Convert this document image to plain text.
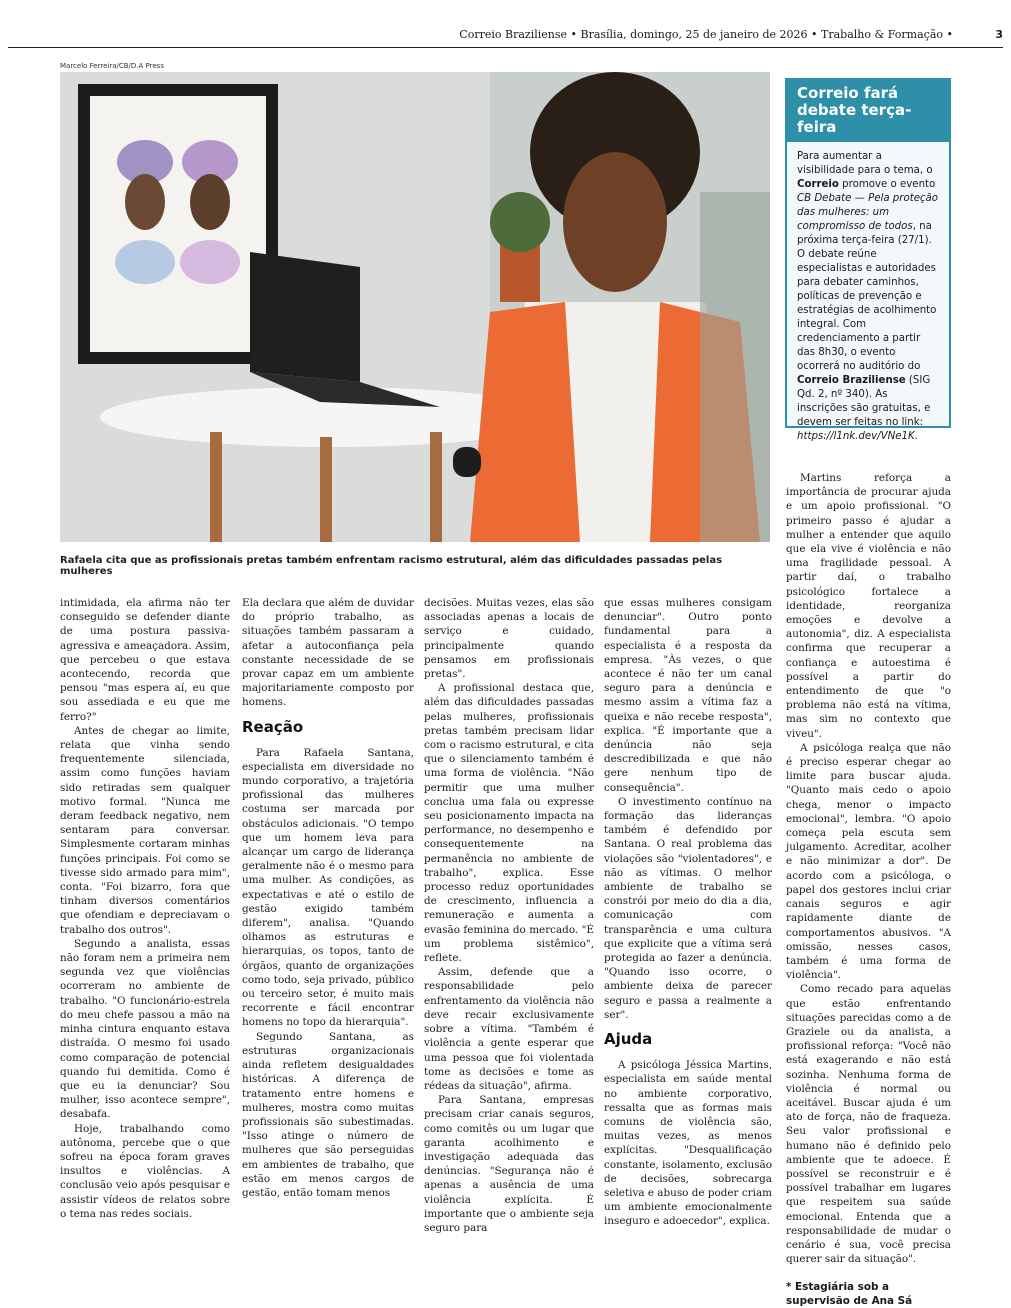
Correio Braziliense • Brasília, domingo, 25 de janeiro de 2026 • Trabalho & Formação •	3
Marcelo Ferreira/CB/D.A Press
Rafaela cita que as profissionais pretas também enfrentam racismo estrutural, além das dificuldades passadas pelas mulheres
Correio fará debate terça-feira
Para aumentar a visibilidade para o tema, o Correio promove o evento CB Debate — Pela proteção das mulheres: um compromisso de todos, na próxima terça-feira (27/1). O debate reúne especialistas e autoridades para debater caminhos, políticas de prevenção e estratégias de acolhimento integral. Com credenciamento a partir das 8h30, o evento ocorrerá no auditório do Correio Braziliense (SIG Qd. 2, nº 340). As inscrições são gratuitas, e devem ser feitas no link: https://l1nk.dev/VNe1K.

intimidada, ela afirma não ter conseguido se defender diante de uma postura passiva-agressiva e ameaçadora. Assim, que percebeu o que estava acontecendo, recorda que pensou "mas espera aí, eu que sou assediada e eu que me ferro?"

Antes de chegar ao limite, relata que vinha sendo frequentemente silenciada, assim como funções haviam sido retiradas sem qualquer motivo formal. "Nunca me deram feedback negativo, nem sentaram para conversar. Simplesmente cortaram minhas funções principais. Foi como se tivesse sido armado para mim", conta. "Foi bizarro, fora que tinham diversos comentários que ofendiam e depreciavam o trabalho dos outros".

Segundo a analista, essas não foram nem a primeira nem segunda vez que violências ocorreram no ambiente de trabalho. "O funcionário-estrela do meu chefe passou a mão na minha cintura enquanto estava distraída. O mesmo foi usado como comparação de potencial quando fui demitida. Como é que eu ia denunciar? Sou mulher, isso acontece sempre", desabafa.

Hoje, trabalhando como autônoma, percebe que o que sofreu na época foram graves insultos e violências. A conclusão veio após pesquisar e assistir vídeos de relatos sobre o tema nas redes sociais.

Ela declara que além de duvidar do próprio trabalho, as situações também passaram a afetar a autoconfiança pela constante necessidade de se provar capaz em um ambiente majoritariamente composto por homens.

Reação

Para Rafaela Santana, especialista em diversidade no mundo corporativo, a trajetória profissional das mulheres costuma ser marcada por obstáculos adicionais. "O tempo que um homem leva para alcançar um cargo de liderança geralmente não é o mesmo para uma mulher. As condições, as expectativas e até o estilo de gestão exigido também diferem", analisa. "Quando olhamos as estruturas e hierarquias, os topos, tanto de órgãos, quanto de organizações como todo, seja privado, público ou terceiro setor, é muito mais recorrente e fácil encontrar homens no topo da hierarquia".

Segundo Santana, as estruturas organizacionais ainda refletem desigualdades históricas. A diferença de tratamento entre homens e mulheres, mostra como muitas profissionais são subestimadas. "Isso atinge o número de mulheres que são perseguidas em ambientes de trabalho, que estão em menos cargos de gestão, então tomam menos

decisões. Muitas vezes, elas são associadas apenas a locais de serviço e cuidado, principalmente quando pensamos em profissionais pretas".

A profissional destaca que, além das dificuldades passadas pelas mulheres, profissionais pretas também precisam lidar com o racismo estrutural, e cita que o silenciamento também é uma forma de violência. "Não permitir que uma mulher conclua uma fala ou expresse seu posicionamento impacta na performance, no desempenho e consequentemente na permanência no ambiente de trabalho", explica. Esse processo reduz oportunidades de crescimento, influencia a remuneração e aumenta a evasão feminina do mercado. "É um problema sistêmico", reflete.

Assim, defende que a responsabilidade pelo enfrentamento da violência não deve recair exclusivamente sobre a vítima. "Também é violência a gente esperar que uma pessoa que foi violentada tome as decisões e tome as rédeas da situação", afirma.

Para Santana, empresas precisam criar canais seguros, como comitês ou um lugar que garanta acolhimento e investigação adequada das denúncias. "Segurança não é apenas a ausência de uma violência explícita. É importante que o ambiente seja seguro para

que essas mulheres consigam denunciar". Outro ponto fundamental para a especialista é a resposta da empresa. "Às vezes, o que acontece é não ter um canal seguro para a denúncia e mesmo assim a vítima faz a queixa e não recebe resposta", explica. "É importante que a denúncia não seja descredibilizada e que não gere nenhum tipo de consequência".

O investimento contínuo na formação das lideranças também é defendido por Santana. O real problema das violações são "violentadores", e não as vítimas. O melhor ambiente de trabalho se constrói por meio do dia a dia, comunicação com transparência e uma cultura que explicite que a vítima será protegida ao fazer a denúncia. "Quando isso ocorre, o ambiente deixa de parecer seguro e passa a realmente a ser".

Ajuda

A psicóloga Jéssica Martins, especialista em saúde mental no ambiente corporativo, ressalta que as formas mais comuns de violência são, muitas vezes, as menos explícitas. "Desqualificação constante, isolamento, exclusão de decisões, sobrecarga seletiva e abuso de poder criam um ambiente emocionalmente inseguro e adoecedor", explica.

Martins reforça a importância de procurar ajuda e um apoio profissional. "O primeiro passo é ajudar a mulher a entender que aquilo que ela vive é violência e não uma fragilidade pessoal. A partir daí, o trabalho psicológico fortalece a identidade, reorganiza emoções e devolve a autonomia", diz. A especialista confirma que recuperar a confiança e autoestima é possível a partir do entendimento de que "o problema não está na vítima, mas sim no contexto que viveu".

A psicóloga realça que não é preciso esperar chegar ao limite para buscar ajuda. "Quanto mais cedo o apoio chega, menor o impacto emocional", lembra. "O apoio começa pela escuta sem julgamento. Acreditar, acolher e não minimizar a dor". De acordo com a psicóloga, o papel dos gestores inclui criar canais seguros e agir rapidamente diante de comportamentos abusivos. "A omissão, nesses casos, também é uma forma de violência".

Como recado para aquelas que estão enfrentando situações parecidas como a de Graziele ou da analista, a profissional reforça: "Você não está exagerando e não está sozinha. Nenhuma forma de violência é normal ou aceitável. Buscar ajuda é um ato de força, não de fraqueza. Seu valor profissional e humano não é definido pelo ambiente que te adoece. É possível se reconstruir e é possível trabalhar em lugares que respeitem sua saúde emocional. Entenda que a responsabilidade de mudar o cenário é sua, você precisa querer sair da situação".

* Estagiária sob a supervisão de Ana Sá
